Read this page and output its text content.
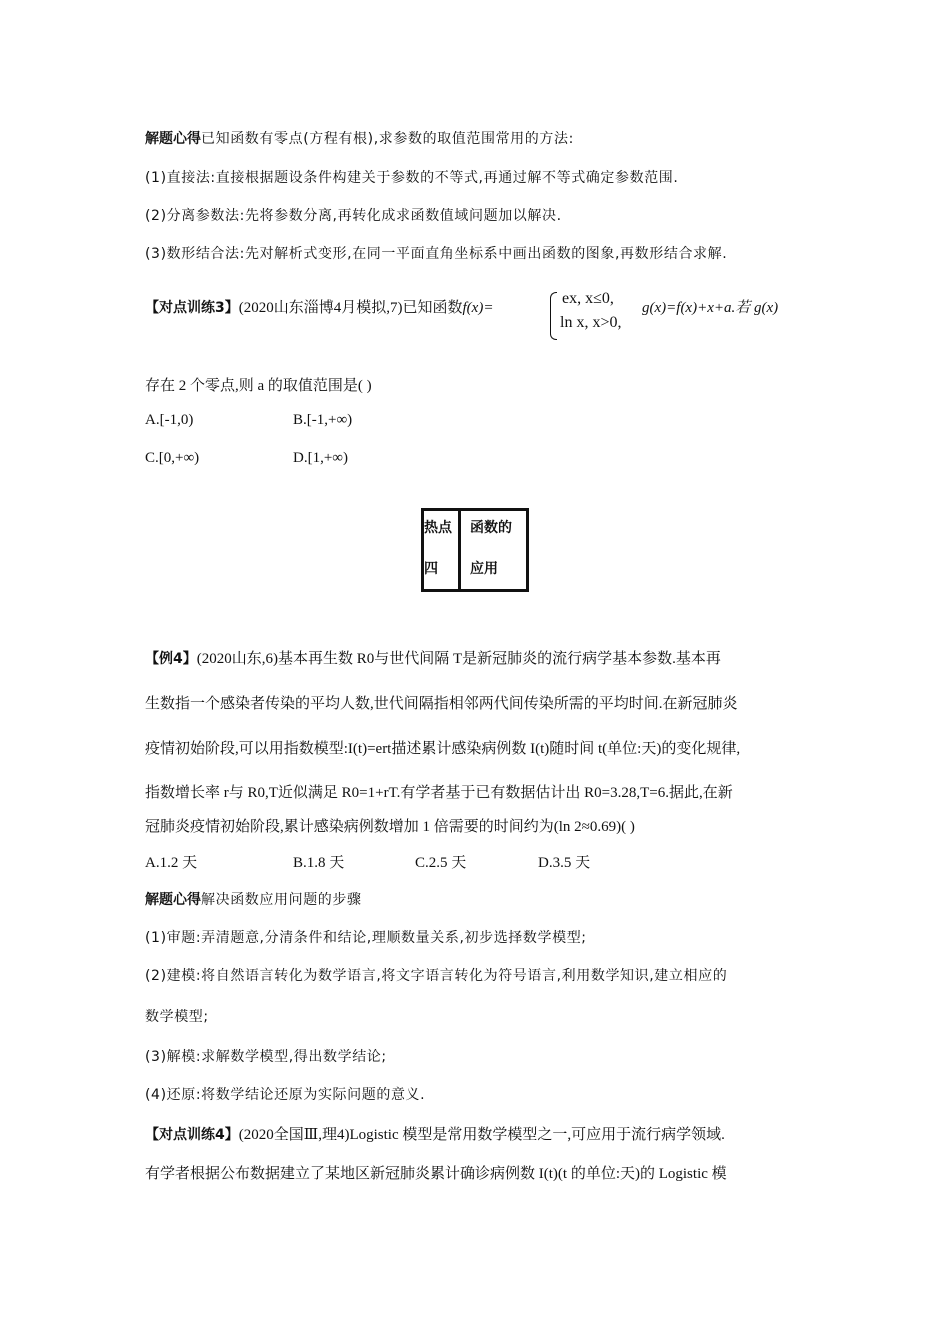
解题心得已知函数有零点(方程有根),求参数的取值范围常用的方法:
(1)直接法:直接根据题设条件构建关于参数的不等式,再通过解不等式确定参数范围.
(2)分离参数法:先将参数分离,再转化成求函数值域问题加以解决.
(3)数形结合法:先对解析式变形,在同一平面直角坐标系中画出函数的图象,再数形结合求解.
【对点训练3】(2020山东淄博4月模拟,7)已知函数f(x)=
ex, x≤0,
ln x, x>0,
g(x)=f(x)+x+a.若 g(x)
存在 2 个零点,则 a 的取值范围是( )
A.[-1,0)	B.[-1,+∞)
C.[0,+∞)	D.[1,+∞)
热点
四
函数的
应用
【例4】(2020山东,6)基本再生数 R0与世代间隔 T是新冠肺炎的流行病学基本参数.基本再
生数指一个感染者传染的平均人数,世代间隔指相邻两代间传染所需的平均时间.在新冠肺炎
疫情初始阶段,可以用指数模型:I(t)=ert描述累计感染病例数 I(t)随时间 t(单位:天)的变化规律,
指数增长率 r与 R0,T近似满足 R0=1+rT.有学者基于已有数据估计出 R0=3.28,T=6.据此,在新
冠肺炎疫情初始阶段,累计感染病例数增加 1 倍需要的时间约为(ln 2≈0.69)( )
A.1.2 天	B.1.8 天	C.2.5 天	D.3.5 天
解题心得解决函数应用问题的步骤
(1)审题:弄清题意,分清条件和结论,理顺数量关系,初步选择数学模型;
(2)建模:将自然语言转化为数学语言,将文字语言转化为符号语言,利用数学知识,建立相应的
数学模型;
(3)解模:求解数学模型,得出数学结论;
(4)还原:将数学结论还原为实际问题的意义.
【对点训练4】(2020全国Ⅲ,理4)Logistic 模型是常用数学模型之一,可应用于流行病学领域.
有学者根据公布数据建立了某地区新冠肺炎累计确诊病例数 I(t)(t 的单位:天)的 Logistic 模
